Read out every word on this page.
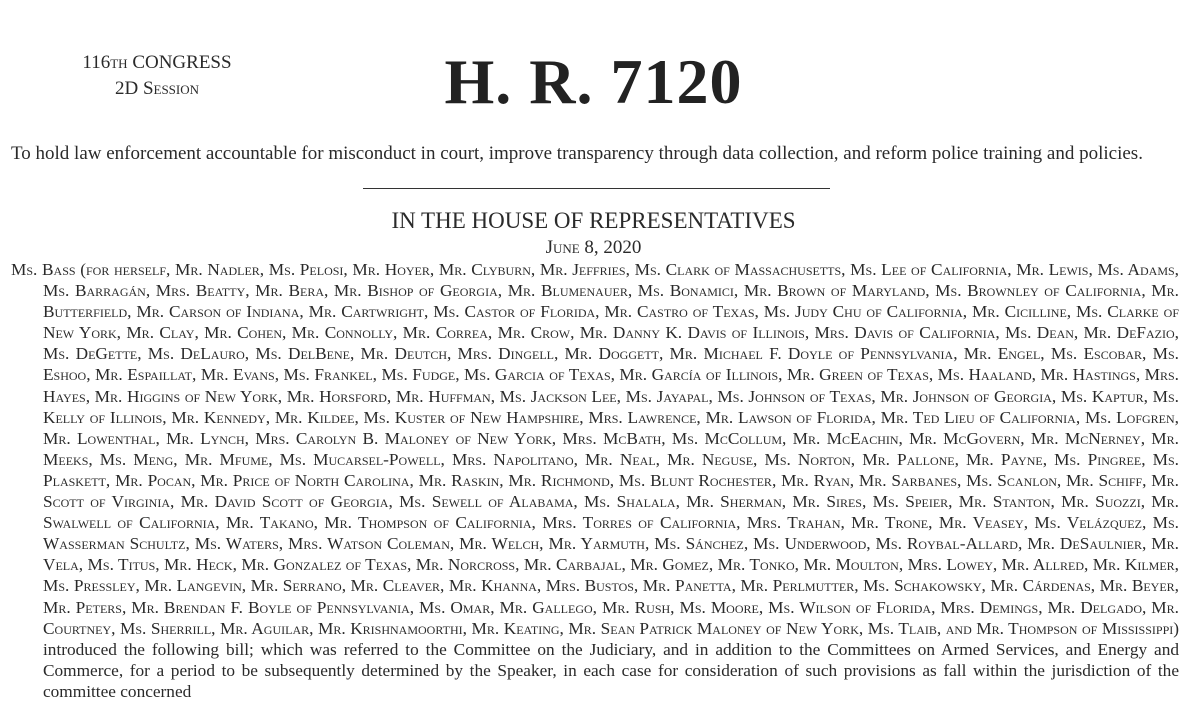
116TH CONGRESS
2D Session	H. R. 7120
To hold law enforcement accountable for misconduct in court, improve transparency through data collection, and reform police training and policies.
IN THE HOUSE OF REPRESENTATIVES
June 8, 2020
Ms. Bass (for herself, Mr. Nadler, Ms. Pelosi, Mr. Hoyer, Mr. Clyburn, Mr. Jeffries, Ms. Clark of Massachusetts, Ms. Lee of California, Mr. Lewis, Ms. Adams, Ms. Barragán, Mrs. Beatty, Mr. Bera, Mr. Bishop of Georgia, Mr. Blumenauer, Ms. Bonamici, Mr. Brown of Maryland, Ms. Brownley of California, Mr. Butterfield, Mr. Carson of Indiana, Mr. Cartwright, Ms. Castor of Florida, Mr. Castro of Texas, Ms. Judy Chu of California, Mr. Cicilline, Ms. Clarke of New York, Mr. Clay, Mr. Cohen, Mr. Connolly, Mr. Correa, Mr. Crow, Mr. Danny K. Davis of Illinois, Mrs. Davis of California, Ms. Dean, Mr. DeFazio, Ms. DeGette, Ms. DeLauro, Ms. DelBene, Mr. Deutch, Mrs. Dingell, Mr. Doggett, Mr. Michael F. Doyle of Pennsylvania, Mr. Engel, Ms. Escobar, Ms. Eshoo, Mr. Espaillat, Mr. Evans, Ms. Frankel, Ms. Fudge, Ms. Garcia of Texas, Mr. García of Illinois, Mr. Green of Texas, Ms. Haaland, Mr. Hastings, Mrs. Hayes, Mr. Higgins of New York, Mr. Horsford, Mr. Huffman, Ms. Jackson Lee, Ms. Jayapal, Ms. Johnson of Texas, Mr. Johnson of Georgia, Ms. Kaptur, Ms. Kelly of Illinois, Mr. Kennedy, Mr. Kildee, Ms. Kuster of New Hampshire, Mrs. Lawrence, Mr. Lawson of Florida, Mr. Ted Lieu of California, Ms. Lofgren, Mr. Lowenthal, Mr. Lynch, Mrs. Carolyn B. Maloney of New York, Mrs. McBath, Ms. McCollum, Mr. McEachin, Mr. McGovern, Mr. McNerney, Mr. Meeks, Ms. Meng, Mr. Mfume, Ms. Mucarsel-Powell, Mrs. Napolitano, Mr. Neal, Mr. Neguse, Ms. Norton, Mr. Pallone, Mr. Payne, Ms. Pingree, Ms. Plaskett, Mr. Pocan, Mr. Price of North Carolina, Mr. Raskin, Mr. Richmond, Ms. Blunt Rochester, Mr. Ryan, Mr. Sarbanes, Ms. Scanlon, Mr. Schiff, Mr. Scott of Virginia, Mr. David Scott of Georgia, Ms. Sewell of Alabama, Ms. Shalala, Mr. Sherman, Mr. Sires, Ms. Speier, Mr. Stanton, Mr. Suozzi, Mr. Swalwell of California, Mr. Takano, Mr. Thompson of California, Mrs. Torres of California, Mrs. Trahan, Mr. Trone, Mr. Veasey, Ms. Velázquez, Ms. Wasserman Schultz, Ms. Waters, Mrs. Watson Coleman, Mr. Welch, Mr. Yarmuth, Ms. Sánchez, Ms. Underwood, Ms. Roybal-Allard, Mr. DeSaulnier, Mr. Vela, Ms. Titus, Mr. Heck, Mr. Gonzalez of Texas, Mr. Norcross, Mr. Carbajal, Mr. Gomez, Mr. Tonko, Mr. Moulton, Mrs. Lowey, Mr. Allred, Mr. Kilmer, Ms. Pressley, Mr. Langevin, Mr. Serrano, Mr. Cleaver, Mr. Khanna, Mrs. Bustos, Mr. Panetta, Mr. Perlmutter, Ms. Schakowsky, Mr. Cárdenas, Mr. Beyer, Mr. Peters, Mr. Brendan F. Boyle of Pennsylvania, Ms. Omar, Mr. Gallego, Mr. Rush, Ms. Moore, Ms. Wilson of Florida, Mrs. Demings, Mr. Delgado, Mr. Courtney, Ms. Sherrill, Mr. Aguilar, Mr. Krishnamoorthi, Mr. Keating, Mr. Sean Patrick Maloney of New York, Ms. Tlaib, and Mr. Thompson of Mississippi) introduced the following bill; which was referred to the Committee on the Judiciary, and in addition to the Committees on Armed Services, and Energy and Commerce, for a period to be subsequently determined by the Speaker, in each case for consideration of such provisions as fall within the jurisdiction of the committee concerned
